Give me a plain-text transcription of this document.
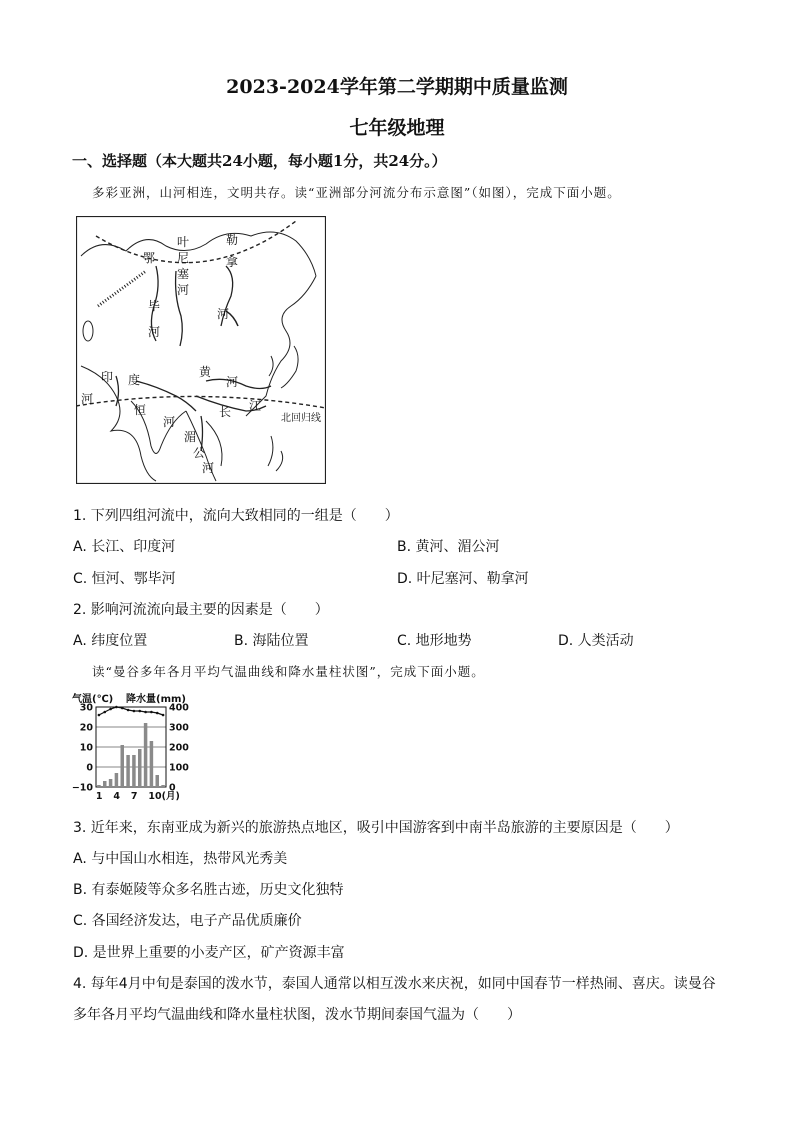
2023-2024学年第二学期期中质量监测
七年级地理
一、选择题（本大题共24小题，每小题1分，共24分。）
多彩亚洲，山河相连，文明共存。读“亚洲部分河流分布示意图”（如图），完成下面小题。
叶
尼
塞
河
勒
拿
河
鄂
毕
河
黄
河
长 江
印 度
河
恒
河
湄
公
河
北回归线
1. 下列四组河流中，流向大致相同的一组是（　　）
A. 长江、印度河	B. 黄河、湄公河
C. 恒河、鄂毕河	D. 叶尼塞河、勒拿河
2. 影响河流流向最主要的因素是（　　）
A. 纬度位置	B. 海陆位置	C. 地形地势	D. 人类活动
读“曼谷多年各月平均气温曲线和降水量柱状图”，完成下面小题。
气温(℃) 降水量(mm)
30
20
10
0
−10
400
300
200
100
0
1 4 7 10(月)
3. 近年来，东南亚成为新兴的旅游热点地区，吸引中国游客到中南半岛旅游的主要原因是（　　）
A. 与中国山水相连，热带风光秀美
B. 有泰姬陵等众多名胜古迹，历史文化独特
C. 各国经济发达，电子产品优质廉价
D. 是世界上重要的小麦产区，矿产资源丰富
4. 每年4月中旬是泰国的泼水节，泰国人通常以相互泼水来庆祝，如同中国春节一样热闹、喜庆。读曼谷
多年各月平均气温曲线和降水量柱状图，泼水节期间泰国气温为（　　）
